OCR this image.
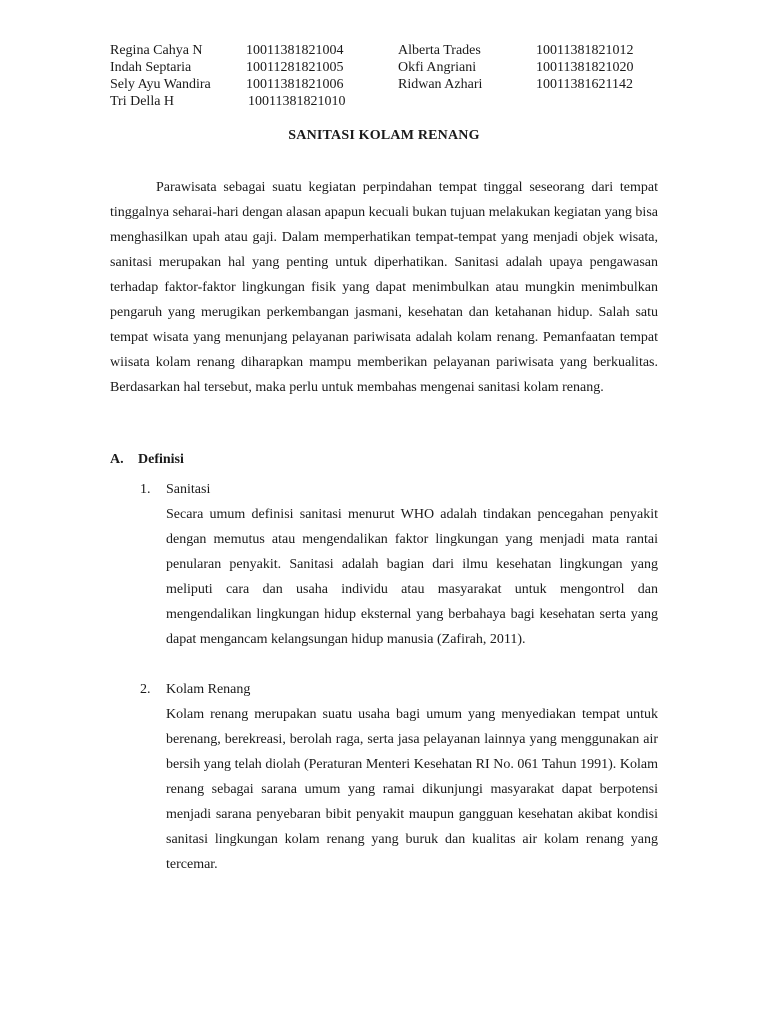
Regina Cahya N	10011381821004	Alberta Trades	10011381821012
Indah Septaria	10011281821005	Okfi Angriani	10011381821020
Sely Ayu Wandira	10011381821006	Ridwan Azhari	10011381621142
Tri Della H	10011381821010
SANITASI KOLAM RENANG

Parawisata sebagai suatu kegiatan perpindahan tempat tinggal seseorang dari tempat tinggalnya seharai-hari dengan alasan apapun kecuali bukan tujuan melakukan kegiatan yang bisa menghasilkan upah atau gaji. Dalam memperhatikan tempat-tempat yang menjadi objek wisata, sanitasi merupakan hal yang penting untuk diperhatikan. Sanitasi adalah upaya pengawasan terhadap faktor-faktor lingkungan fisik yang dapat menimbulkan atau mungkin menimbulkan pengaruh yang merugikan perkembangan jasmani, kesehatan dan ketahanan hidup. Salah satu tempat wisata yang menunjang pelayanan pariwisata adalah kolam renang. Pemanfaatan tempat wiisata kolam renang diharapkan mampu memberikan pelayanan pariwisata yang berkualitas. Berdasarkan hal tersebut, maka perlu untuk membahas mengenai sanitasi kolam renang.

A.	Definisi
1.	Sanitasi

Secara umum definisi sanitasi menurut WHO adalah tindakan pencegahan penyakit dengan memutus atau mengendalikan faktor lingkungan yang menjadi mata rantai penularan penyakit. Sanitasi adalah bagian dari ilmu kesehatan lingkungan yang meliputi cara dan usaha individu atau masyarakat untuk mengontrol dan mengendalikan lingkungan hidup eksternal yang berbahaya bagi kesehatan serta yang dapat mengancam kelangsungan hidup manusia (Zafirah, 2011).

2.	Kolam Renang

Kolam renang merupakan suatu usaha bagi umum yang menyediakan tempat untuk berenang, berekreasi, berolah raga, serta jasa pelayanan lainnya yang menggunakan air bersih yang telah diolah (Peraturan Menteri Kesehatan RI No. 061 Tahun 1991). Kolam renang sebagai sarana umum yang ramai dikunjungi masyarakat dapat berpotensi menjadi sarana penyebaran bibit penyakit maupun gangguan kesehatan akibat kondisi sanitasi lingkungan kolam renang yang buruk dan kualitas air kolam renang yang tercemar.
